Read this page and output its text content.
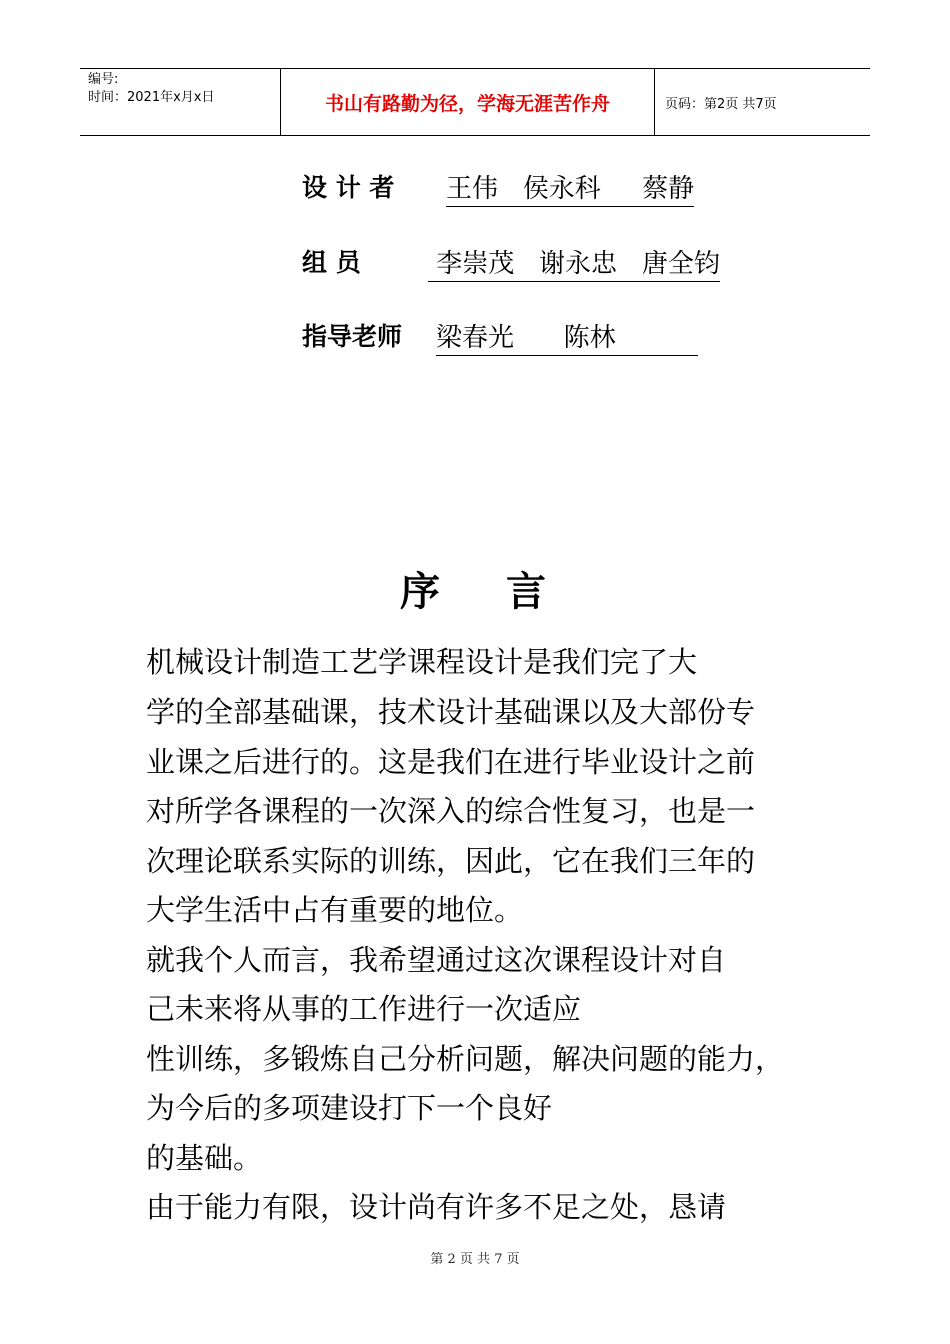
编号:
时间：2021年x月x日	书山有路勤为径，学海无涯苦作舟	页码：第2页 共7页
设 计 者 王伟   侯永科     蔡静
组 员	李崇茂   谢永忠   唐全钧
指导老师 梁春光      陈林
序言
机械设计制造工艺学课程设计是我们完了大
学的全部基础课，技术设计基础课以及大部份专
业课之后进行的。这是我们在进行毕业设计之前
对所学各课程的一次深入的综合性复习，也是一
次理论联系实际的训练，因此，它在我们三年的
大学生活中占有重要的地位。
就我个人而言，我希望通过这次课程设计对自
己未来将从事的工作进行一次适应
性训练，多锻炼自己分析问题，解决问题的能力，
为今后的多项建设打下一个良好
的基础。
由于能力有限，设计尚有许多不足之处，恳请
第 2 页 共 7 页
